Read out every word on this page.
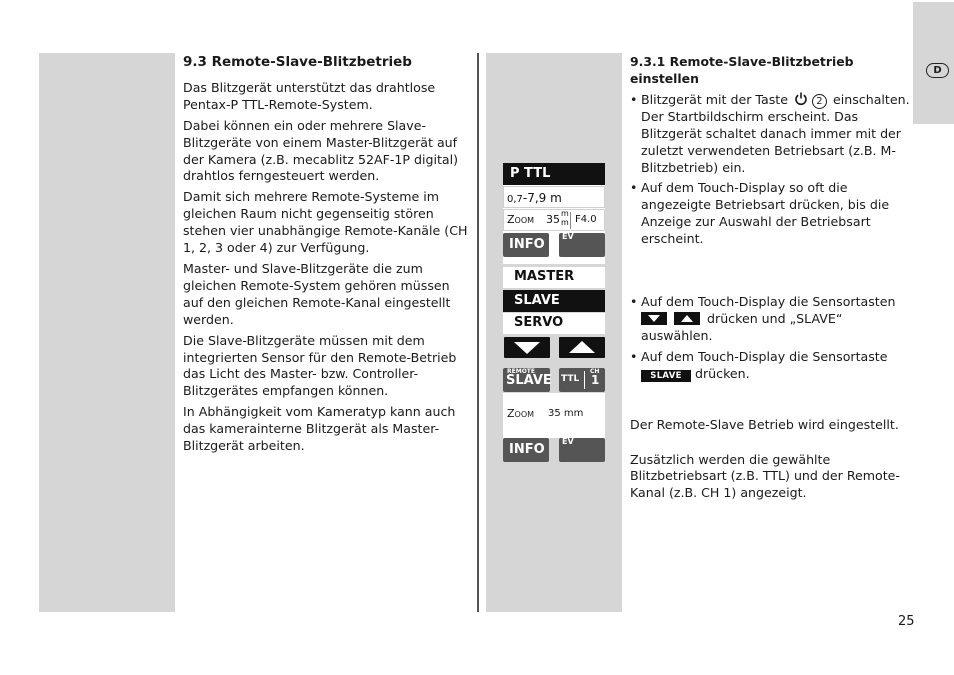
D
9.3 Remote-Slave-Blitzbetrieb

Das Blitzgerät unterstützt das drahtlose Pentax-P TTL-Remote-System.

Dabei können ein oder mehrere Slave-Blitzgeräte von einem Master-Blitzgerät auf der Kamera (z.B. mecablitz 52AF-1P digital) drahtlos ferngesteuert werden.

Damit sich mehrere Remote-Systeme im gleichen Raum nicht gegenseitig stören stehen vier unabhängige Remote-Kanäle (CH 1, 2, 3 oder 4) zur Verfügung.

Master- und Slave-Blitzgeräte die zum gleichen Remote-System gehören müssen auf den gleichen Remote-Kanal eingestellt werden.

Die Slave-Blitzgeräte müssen mit dem integrierten Sensor für den Remote-Betrieb das Licht des Master- bzw. Controller-Blitzgerätes empfangen können.

In Abhängigkeit vom Kameratyp kann auch das kamerainterne Blitzgerät als Master-Blitzgerät arbeiten.

P TTL
0,7-7,9 m
Zoom 35 m
m F4.0
INFO
EV
MASTER
SLAVE
SERVO
REMOTE
SLAVE TTL
CH
1
Zoom 35 mm
INFO
EV
9.3.1 Remote-Slave-Blitzbetrieb einstellen
• Blitzgerät mit der Taste	2 einschalten. Der Startbildschirm erscheint. Das Blitzgerät schaltet danach immer mit der zuletzt verwendeten Betriebsart (z.B. M-Blitzbetrieb) ein.
• Auf dem Touch-Display so oft die angezeigte Betriebsart drücken, bis die Anzeige zur Auswahl der Betriebsart erscheint.
• Auf dem Touch-Display die Sensortasten

drücken und „SLAVE“ auswählen.
• Auf dem Touch-Display die Sensortaste
SLAVE drücken.

Der Remote-Slave Betrieb wird eingestellt.

Zusätzlich werden die gewählte Blitzbetriebsart (z.B. TTL) und der Remote-Kanal (z.B. CH 1) angezeigt.

25
